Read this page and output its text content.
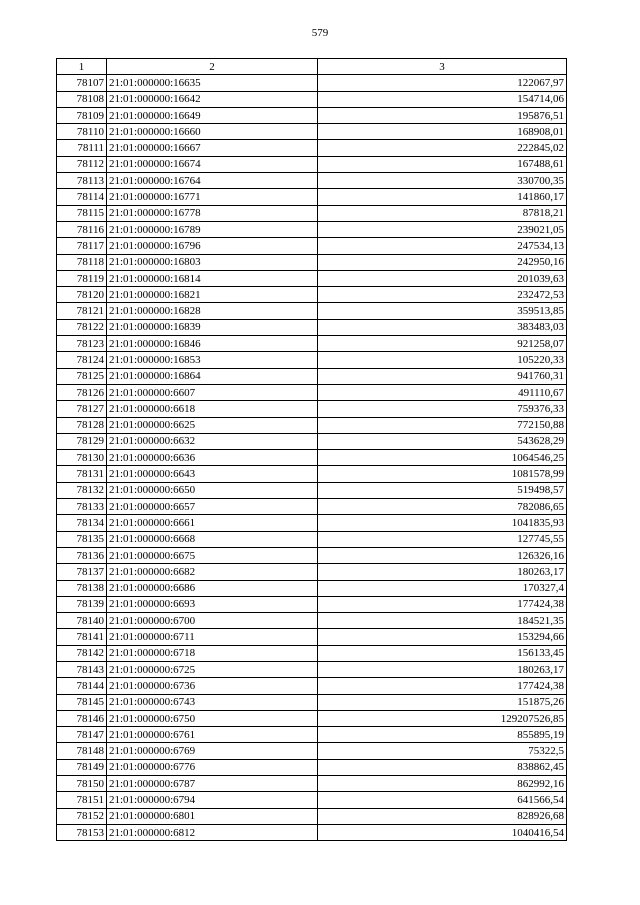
579
1	2	3
78107	21:01:000000:16635	122067,97
78108	21:01:000000:16642	154714,06
78109	21:01:000000:16649	195876,51
78110	21:01:000000:16660	168908,01
78111	21:01:000000:16667	222845,02
78112	21:01:000000:16674	167488,61
78113	21:01:000000:16764	330700,35
78114	21:01:000000:16771	141860,17
78115	21:01:000000:16778	87818,21
78116	21:01:000000:16789	239021,05
78117	21:01:000000:16796	247534,13
78118	21:01:000000:16803	242950,16
78119	21:01:000000:16814	201039,63
78120	21:01:000000:16821	232472,53
78121	21:01:000000:16828	359513,85
78122	21:01:000000:16839	383483,03
78123	21:01:000000:16846	921258,07
78124	21:01:000000:16853	105220,33
78125	21:01:000000:16864	941760,31
78126	21:01:000000:6607	491110,67
78127	21:01:000000:6618	759376,33
78128	21:01:000000:6625	772150,88
78129	21:01:000000:6632	543628,29
78130	21:01:000000:6636	1064546,25
78131	21:01:000000:6643	1081578,99
78132	21:01:000000:6650	519498,57
78133	21:01:000000:6657	782086,65
78134	21:01:000000:6661	1041835,93
78135	21:01:000000:6668	127745,55
78136	21:01:000000:6675	126326,16
78137	21:01:000000:6682	180263,17
78138	21:01:000000:6686	170327,4
78139	21:01:000000:6693	177424,38
78140	21:01:000000:6700	184521,35
78141	21:01:000000:6711	153294,66
78142	21:01:000000:6718	156133,45
78143	21:01:000000:6725	180263,17
78144	21:01:000000:6736	177424,38
78145	21:01:000000:6743	151875,26
78146	21:01:000000:6750	129207526,85
78147	21:01:000000:6761	855895,19
78148	21:01:000000:6769	75322,5
78149	21:01:000000:6776	838862,45
78150	21:01:000000:6787	862992,16
78151	21:01:000000:6794	641566,54
78152	21:01:000000:6801	828926,68
78153	21:01:000000:6812	1040416,54
